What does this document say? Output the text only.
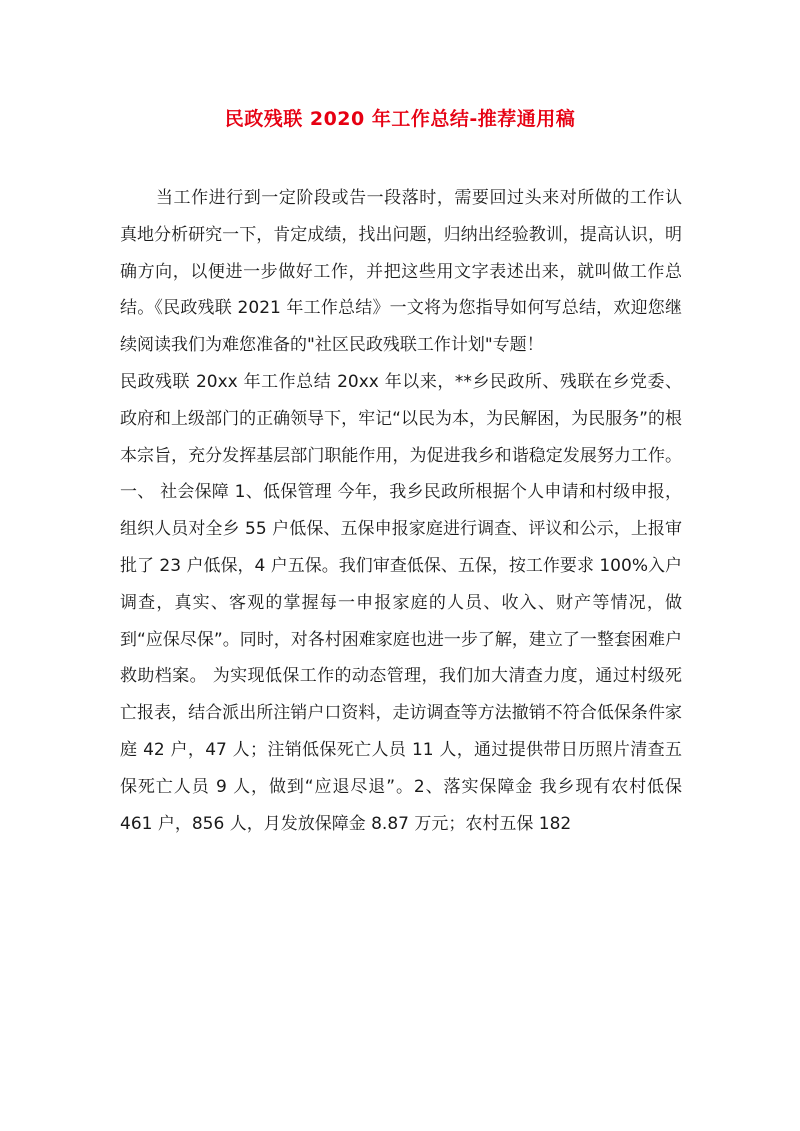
民政残联 2020 年工作总结-推荐通用稿

当工作进行到一定阶段或告一段落时，需要回过头来对所做的工作认真地分析研究一下，肯定成绩，找出问题，归纳出经验教训，提高认识，明确方向，以便进一步做好工作，并把这些用文字表述出来，就叫做工作总结。《民政残联 2021 年工作总结》一文将为您指导如何写总结，欢迎您继续阅读我们为难您准备的"社区民政残联工作计划"专题！

民政残联 20xx 年工作总结 20xx 年以来，**乡民政所、残联在乡党委、政府和上级部门的正确领导下，牢记“以民为本，为民解困，为民服务”的根本宗旨，充分发挥基层部门职能作用，为促进我乡和谐稳定发展努力工作。一、 社会保障 1、低保管理 今年，我乡民政所根据个人申请和村级申报，组织人员对全乡 55 户低保、五保申报家庭进行调查、评议和公示，上报审批了 23 户低保，4 户五保。我们审查低保、五保，按工作要求 100%入户调查，真实、客观的掌握每一申报家庭的人员、收入、财产等情况，做到“应保尽保”。同时，对各村困难家庭也进一步了解，建立了一整套困难户救助档案。 为实现低保工作的动态管理，我们加大清查力度，通过村级死亡报表，结合派出所注销户口资料，走访调查等方法撤销不符合低保条件家庭 42 户，47 人；注销低保死亡人员 11 人，通过提供带日历照片清查五保死亡人员 9 人，做到“应退尽退”。2、落实保障金 我乡现有农村低保 461 户，856 人，月发放保障金 8.87 万元；农村五保 182
